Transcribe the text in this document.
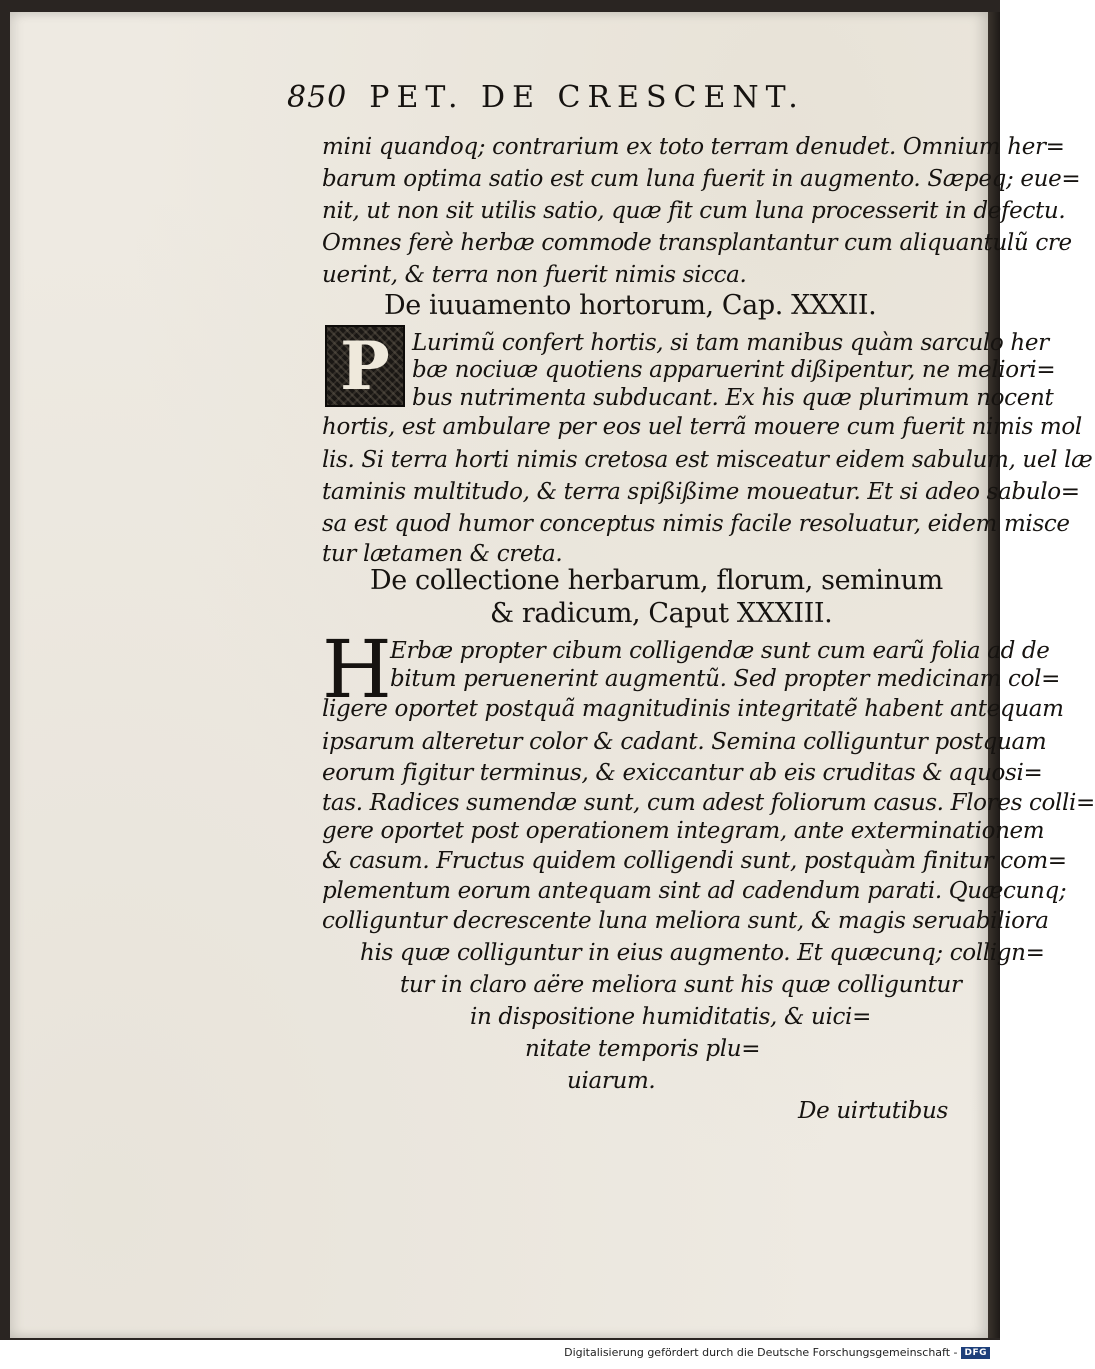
850 PET. DE CRESCENT.
mini quandoq; contrarium ex toto terram denudet. Omnium her=
barum optima satio est cum luna fuerit in augmento. Sæpeq; eue=
nit, ut non sit utilis satio, quæ fit cum luna processerit in defectu.
Omnes ferè herbæ commode transplantantur cum aliquantulũ cre
uerint, & terra non fuerit nimis sicca.
De iuuamento hortorum, Cap. XXXII.
P Lurimũ confert hortis, si tam manibus quàm sarculo her
bæ nociuæ quotiens apparuerint dißipentur, ne meliori=
bus nutrimenta subducant. Ex his quæ plurimum nocent
hortis, est ambulare per eos uel terrã mouere cum fuerit nimis mol
lis. Si terra horti nimis cretosa est misceatur eidem sabulum, uel læ
taminis multitudo, & terra spißißime moueatur. Et si adeo sabulo=
sa est quod humor conceptus nimis facile resoluatur, eidem misce
tur lætamen & creta.
De collectione herbarum, florum, seminum
& radicum, Caput XXXIII.
H
Erbæ propter cibum colligendæ sunt cum earũ folia ad de
bitum peruenerint augmentũ. Sed propter medicinam col=
ligere oportet postquã magnitudinis integritatẽ habent antequam
ipsarum alteretur color & cadant. Semina colliguntur postquam
eorum figitur terminus, & exiccantur ab eis cruditas & aquosi=
tas. Radices sumendæ sunt, cum adest foliorum casus. Flores colli=
gere oportet post operationem integram, ante exterminationem
& casum. Fructus quidem colligendi sunt, postquàm finitur com=
plementum eorum antequam sint ad cadendum parati. Quæcunq;
colliguntur decrescente luna meliora sunt, & magis seruabiliora
his quæ colliguntur in eius augmento. Et quæcunq; collign=
tur in claro aëre meliora sunt his quæ colliguntur
in dispositione humiditatis, & uici=
nitate temporis plu=
uiarum.
De uirtutibus
Digitalisierung gefördert durch die Deutsche Forschungsgemeinschaft - DFG
